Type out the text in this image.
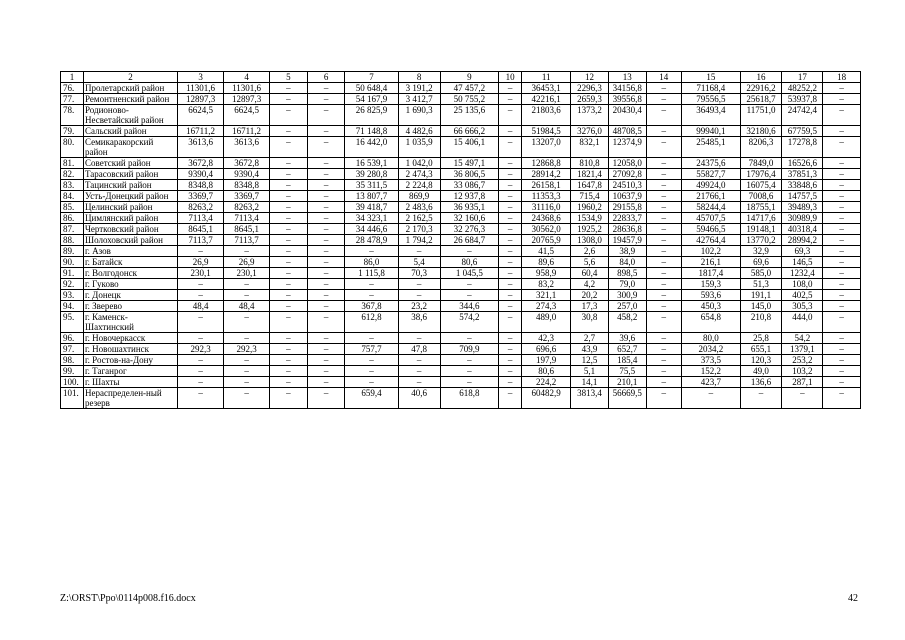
1	2	3	4	5	6	7	8	9	10	11	12	13	14	15	16	17	18
76.	Пролетарский район	11301,6	11301,6	–	–	50 648,4	3 191,2	47 457,2	–	36453,1	2296,3	34156,8	–	71168,4	22916,2	48252,2	–
77.	Ремонтненский район	12897,3	12897,3	–	–	54 167,9	3 412,7	50 755,2	–	42216,1	2659,3	39556,8	–	79556,5	25618,7	53937,8	–
78.	Родионово-Несветайский район	6624,5	6624,5	–	–	26 825,9	1 690,3	25 135,6	–	21803,6	1373,2	20430,4	–	36493,4	11751,0	24742,4	–
79.	Сальский район	16711,2	16711,2	–	–	71 148,8	4 482,6	66 666,2	–	51984,5	3276,0	48708,5	–	99940,1	32180,6	67759,5	–
80.	Семикаракорский район	3613,6	3613,6	–	–	16 442,0	1 035,9	15 406,1	–	13207,0	832,1	12374,9	–	25485,1	8206,3	17278,8	–
81.	Советский район	3672,8	3672,8	–	–	16 539,1	1 042,0	15 497,1	–	12868,8	810,8	12058,0	–	24375,6	7849,0	16526,6	–
82.	Тарасовский район	9390,4	9390,4	–	–	39 280,8	2 474,3	36 806,5	–	28914,2	1821,4	27092,8	–	55827,7	17976,4	37851,3	–
83.	Тацинский район	8348,8	8348,8	–	–	35 311,5	2 224,8	33 086,7	–	26158,1	1647,8	24510,3	–	49924,0	16075,4	33848,6	–
84.	Усть-Донецкий район	3369,7	3369,7	–	–	13 807,7	869,9	12 937,8	–	11353,3	715,4	10637,9	–	21766,1	7008,6	14757,5	–
85.	Целинский район	8263,2	8263,2	–	–	39 418,7	2 483,6	36 935,1	–	31116,0	1960,2	29155,8	–	58244,4	18755,1	39489,3	–
86.	Цимлянский район	7113,4	7113,4	–	–	34 323,1	2 162,5	32 160,6	–	24368,6	1534,9	22833,7	–	45707,5	14717,6	30989,9	–
87.	Чертковский район	8645,1	8645,1	–	–	34 446,6	2 170,3	32 276,3	–	30562,0	1925,2	28636,8	–	59466,5	19148,1	40318,4	–
88.	Шолоховский район	7113,7	7113,7	–	–	28 478,9	1 794,2	26 684,7	–	20765,9	1308,0	19457,9	–	42764,4	13770,2	28994,2	–
89.	г. Азов	–	–	–	–	–	–	–	–	41,5	2,6	38,9	–	102,2	32,9	69,3	–
90.	г. Батайск	26,9	26,9	–	–	86,0	5,4	80,6	–	89,6	5,6	84,0	–	216,1	69,6	146,5	–
91.	г. Волгодонск	230,1	230,1	–	–	1 115,8	70,3	1 045,5	–	958,9	60,4	898,5	–	1817,4	585,0	1232,4	–
92.	г. Гуково	–	–	–	–	–	–	–	–	83,2	4,2	79,0	–	159,3	51,3	108,0	–
93.	г. Донецк	–	–	–	–	–	–	–	–	321,1	20,2	300,9	–	593,6	191,1	402,5	–
94.	г. Зверево	48,4	48,4	–	–	367,8	23,2	344,6	–	274,3	17,3	257,0	–	450,3	145,0	305,3	–
95.	г. Каменск-Шахтинский	–	–	–	–	612,8	38,6	574,2	–	489,0	30,8	458,2	–	654,8	210,8	444,0	–
96.	г. Новочеркасск	–	–	–	–	–	–	–	–	42,3	2,7	39,6	–	80,0	25,8	54,2	–
97.	г. Новошахтинск	292,3	292,3	–	–	757,7	47,8	709,9	–	696,6	43,9	652,7	–	2034,2	655,1	1379,1	–
98.	г. Ростов-на-Дону	–	–	–	–	–	–	–	–	197,9	12,5	185,4	–	373,5	120,3	253,2	–
99.	г. Таганрог	–	–	–	–	–	–	–	–	80,6	5,1	75,5	–	152,2	49,0	103,2	–
100.	г. Шахты	–	–	–	–	–	–	–	–	224,2	14,1	210,1	–	423,7	136,6	287,1	–
101.	Нераспределен-ный резерв	–	–	–	–	659,4	40,6	618,8	–	60482,9	3813,4	56669,5	–	–	–	–	–
Z:\ORST\Ppo\0114p008.f16.docx	42
